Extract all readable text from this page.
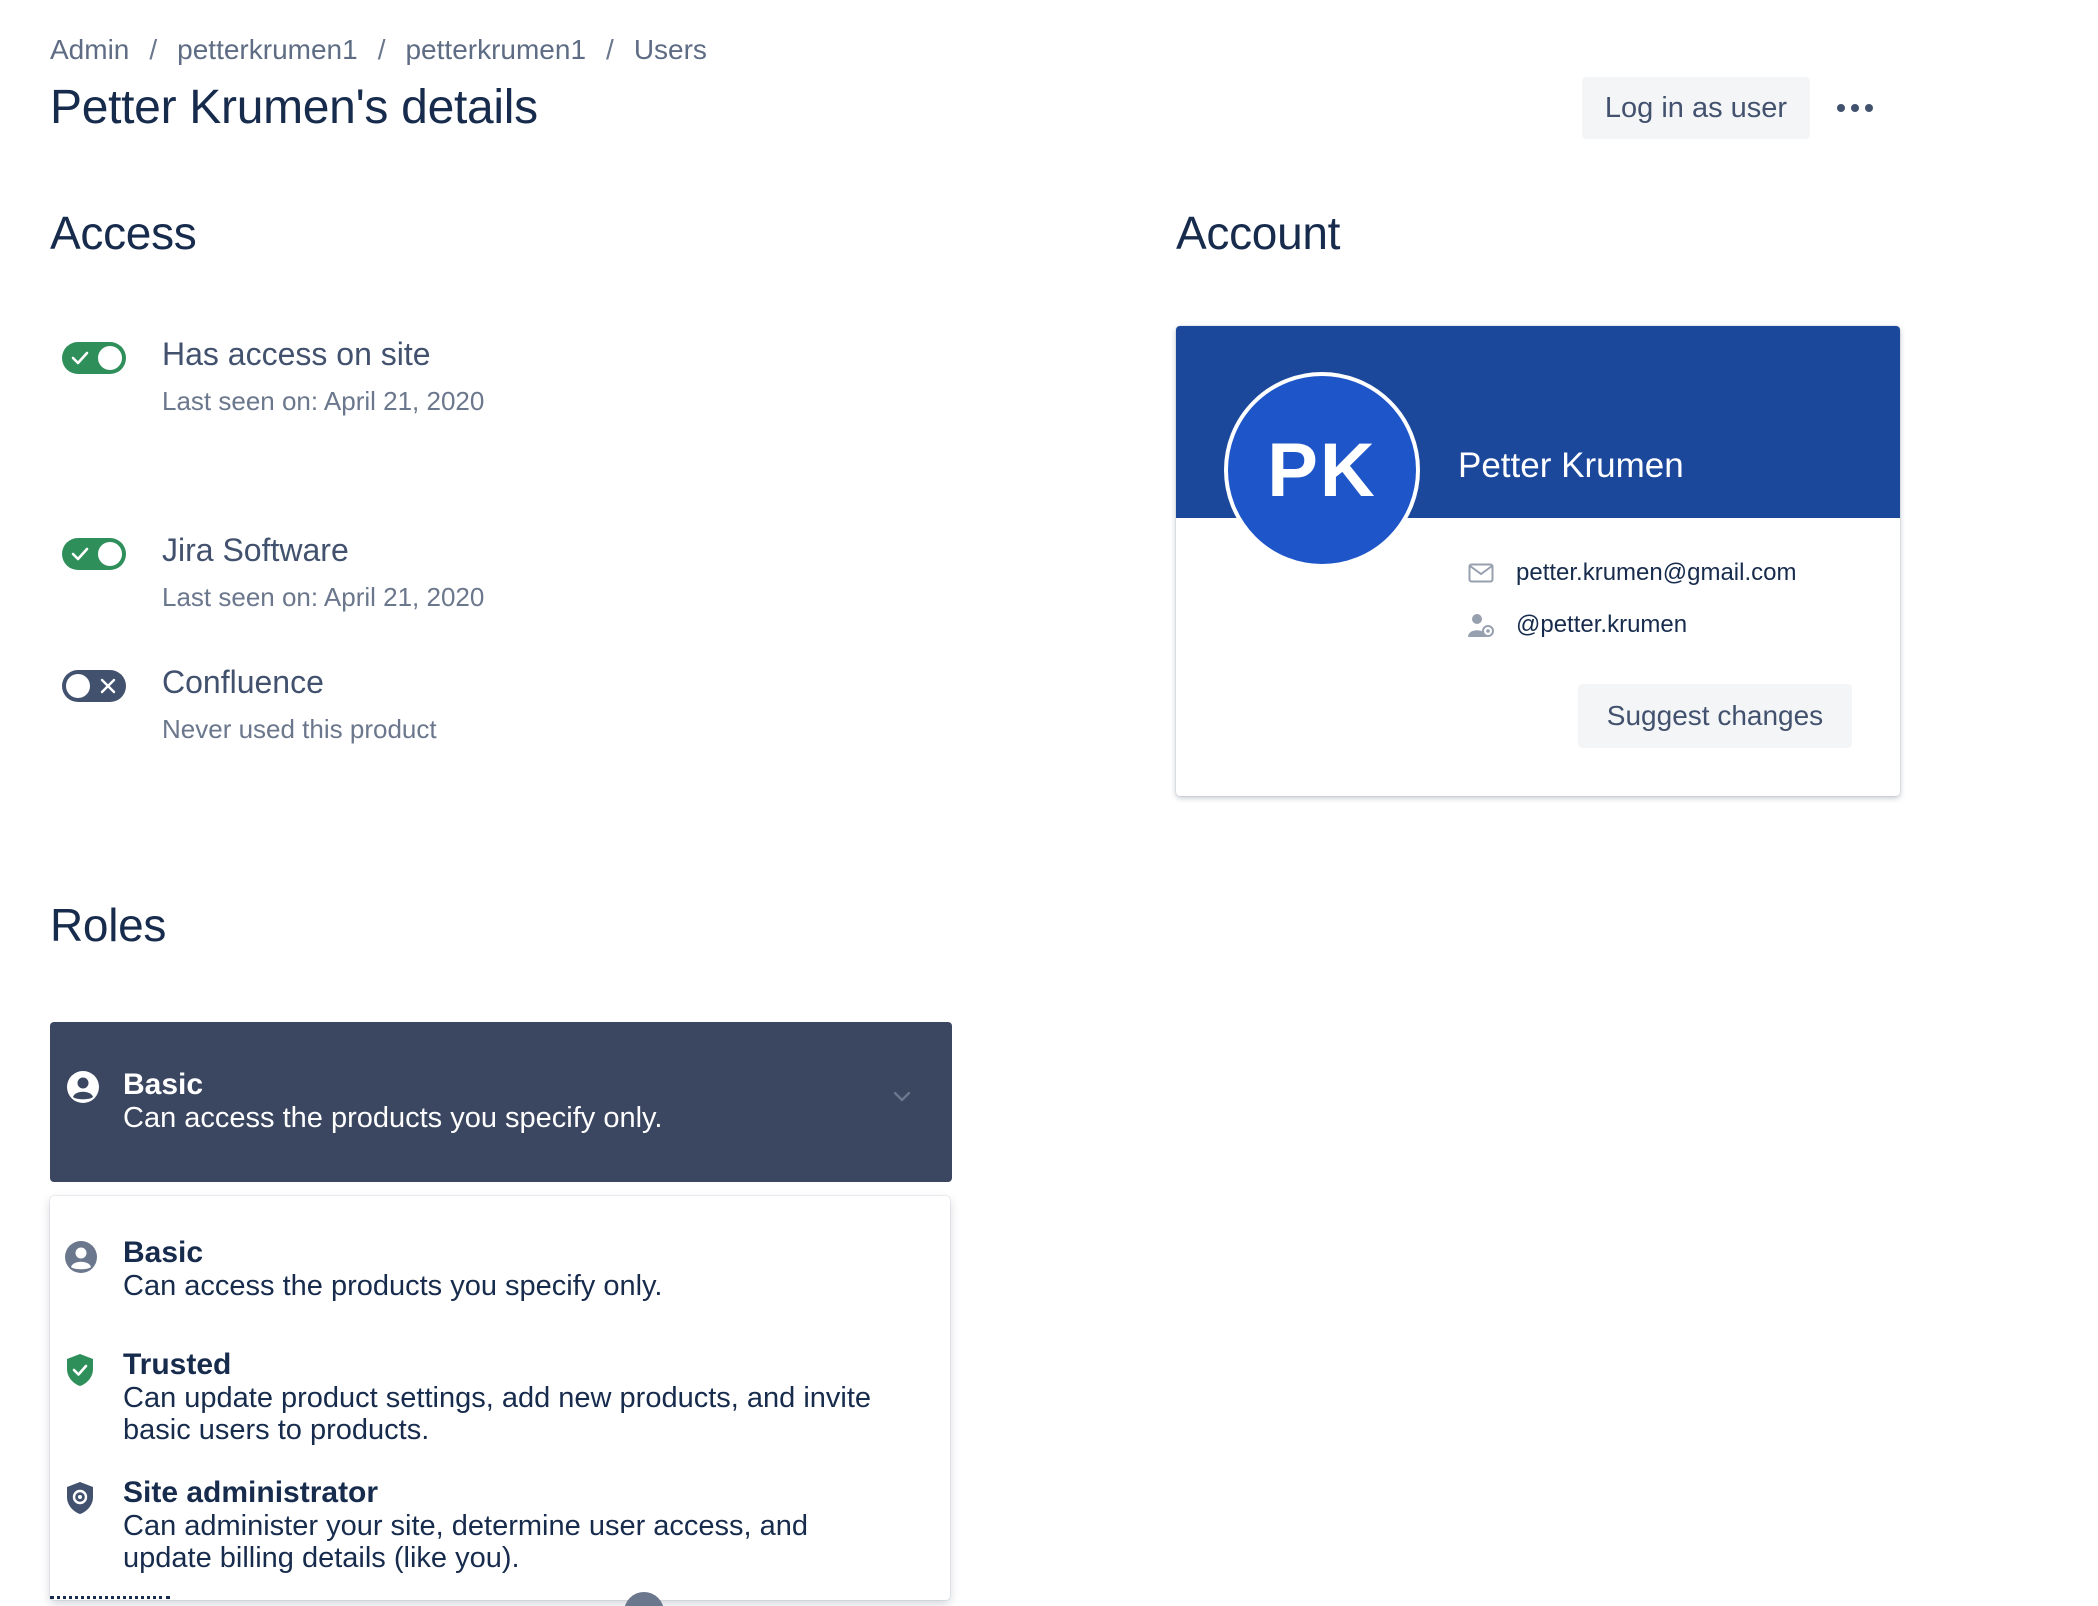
Admin / petterkrumen1 / petterkrumen1 / Users
Petter Krumen's details	Log in as user
Access
Has access on site
Last seen on: April 21, 2020
Jira Software
Last seen on: April 21, 2020
Confluence
Never used this product
Account
PK	Petter Krumen
petter.krumen@gmail.com
@petter.krumen
Suggest changes
Roles
Basic
Can access the products you specify only.
Basic
Can access the products you specify only.
Trusted
Can update product settings, add new products, and invite basic users to products.
Site administrator
Can administer your site, determine user access, and update billing details (like you).
